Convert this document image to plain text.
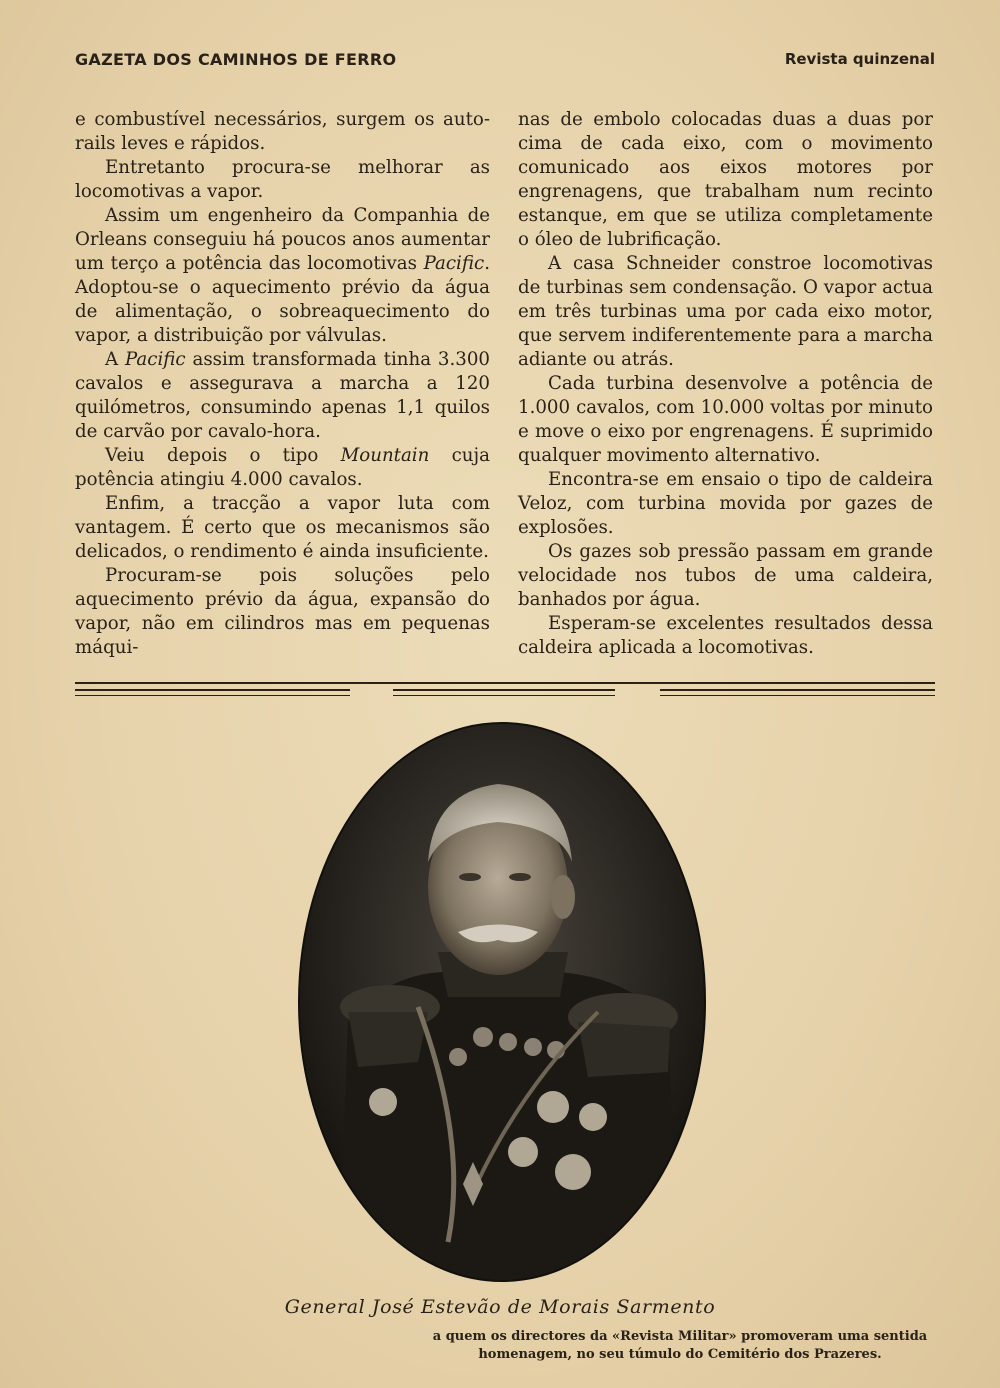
GAZETA DOS CAMINHOS DE FERRO	Revista quinzenal

e combustível necessários, surgem os auto-rails leves e rápidos.

Entretanto procura-se melhorar as locomotivas a vapor.

Assim um engenheiro da Companhia de Orleans conseguiu há poucos anos aumentar um terço a potência das locomotivas Pacific. Adoptou-se o aquecimento prévio da água de alimentação, o sobreaquecimento do vapor, a distribuição por válvulas.

A Pacific assim transformada tinha 3.300 cavalos e assegurava a marcha a 120 quilómetros, consumindo apenas 1,1 quilos de carvão por cavalo-hora.

Veiu depois o tipo Mountain cuja potência atingiu 4.000 cavalos.

Enfim, a tracção a vapor luta com vantagem. É certo que os mecanismos são delicados, o rendimento é ainda insuficiente.

Procuram-se pois soluções pelo aquecimento prévio da água, expansão do vapor, não em cilindros mas em pequenas máqui-

nas de embolo colocadas duas a duas por cima de cada eixo, com o movimento comunicado aos eixos motores por engrenagens, que trabalham num recinto estanque, em que se utiliza completamente o óleo de lubrificação.

A casa Schneider constroe locomotivas de turbinas sem condensação. O vapor actua em três turbinas uma por cada eixo motor, que servem indiferentemente para a marcha adiante ou atrás.

Cada turbina desenvolve a potência de 1.000 cavalos, com 10.000 voltas por minuto e move o eixo por engrenagens. É suprimido qualquer movimento alternativo.

Encontra-se em ensaio o tipo de caldeira Veloz, com turbina movida por gazes de explosões.

Os gazes sob pressão passam em grande velocidade nos tubos de uma caldeira, banhados por água.

Esperam-se excelentes resultados dessa caldeira aplicada a locomotivas.

General José Estevão de Morais Sarmento
a quem os directores da «Revista Militar» promoveram uma sentida
homenagem, no seu túmulo do Cemitério dos Prazeres.
